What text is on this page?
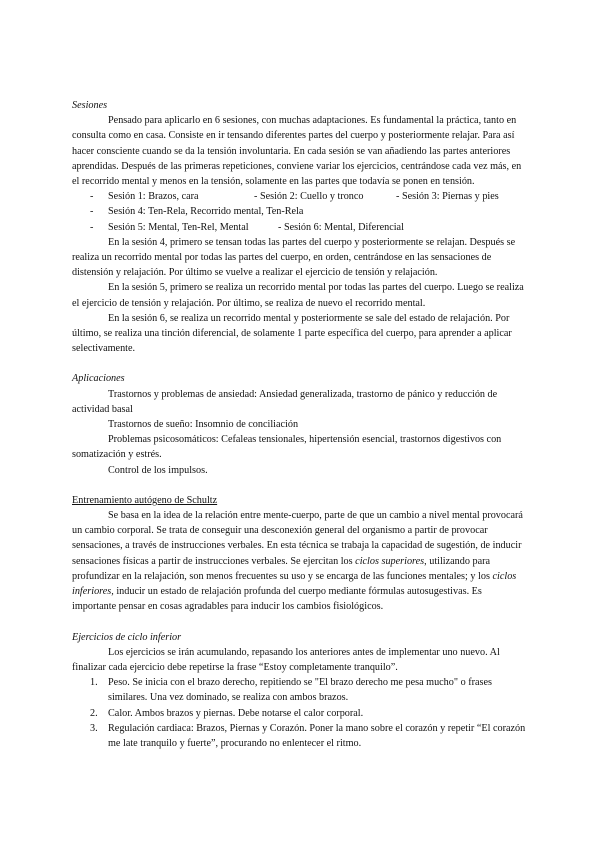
Sesiones

Pensado para aplicarlo en 6 sesiones, con muchas adaptaciones. Es fundamental la práctica, tanto en consulta como en casa. Consiste en ir tensando diferentes partes del cuerpo y posteriormente relajar. Para así hacer consciente cuando se da la tensión involuntaria. En cada sesión se van añadiendo las partes anteriores aprendidas. Después de las primeras repeticiones, conviene variar los ejercicios, centrándose cada vez más, en el recorrido mental y menos en la tensión, solamente en las partes que todavía se ponen en tensión.

- Sesión 1: Brazos, cara	- Sesión 2: Cuello y tronco	- Sesión 3: Piernas y pies

- Sesión 4: Ten-Rela, Recorrido mental, Ten-Rela

- Sesión 5: Mental, Ten-Rel, Mental	- Sesión 6: Mental, Diferencial

En la sesión 4, primero se tensan todas las partes del cuerpo y posteriormente se relajan. Después se realiza un recorrido mental por todas las partes del cuerpo, en orden, centrándose en las sensaciones de distensión y relajación. Por último se vuelve a realizar el ejercicio de tensión y relajación.

En la sesión 5, primero se realiza un recorrido mental por todas las partes del cuerpo. Luego se realiza el ejercicio de tensión y relajación. Por último, se realiza de nuevo el recorrido mental.

En la sesión 6, se realiza un recorrido mental y posteriormente se sale del estado de relajación. Por último, se realiza una tinción diferencial, de solamente 1 parte específica del cuerpo, para aprender a aplicar selectivamente.

Aplicaciones

Trastornos y problemas de ansiedad: Ansiedad generalizada, trastorno de pánico y reducción de actividad basal

Trastornos de sueño: Insomnio de conciliación

Problemas psicosomáticos: Cefaleas tensionales, hipertensión esencial, trastornos digestivos con somatización y estrés.

Control de los impulsos.

Entrenamiento autógeno de Schultz

Se basa en la idea de la relación entre mente-cuerpo, parte de que un cambio a nivel mental provocará un cambio corporal. Se trata de conseguir una desconexión general del organismo a partir de provocar sensaciones, a través de instrucciones verbales. En esta técnica se trabaja la capacidad de sugestión, de inducir sensaciones físicas a partir de instrucciones verbales. Se ejercitan los ciclos superiores, utilizando para profundizar en la relajación, son menos frecuentes su uso y se encarga de las funciones mentales; y los ciclos inferiores, inducir un estado de relajación profunda del cuerpo mediante fórmulas autosugestivas. Es importante pensar en cosas agradables para inducir los cambios fisiológicos.

Ejercicios de ciclo inferior

Los ejercicios se irán acumulando, repasando los anteriores antes de implementar uno nuevo. Al finalizar cada ejercicio debe repetirse la frase “Estoy completamente tranquilo”.

1. Peso. Se inicia con el brazo derecho, repitiendo se "El brazo derecho me pesa mucho" o frases similares. Una vez dominado, se realiza con ambos brazos.

2. Calor. Ambos brazos y piernas. Debe notarse el calor corporal.

3. Regulación cardiaca: Brazos, Piernas y Corazón. Poner la mano sobre el corazón y repetir “El corazón me late tranquilo y fuerte”, procurando no enlentecer el ritmo.
